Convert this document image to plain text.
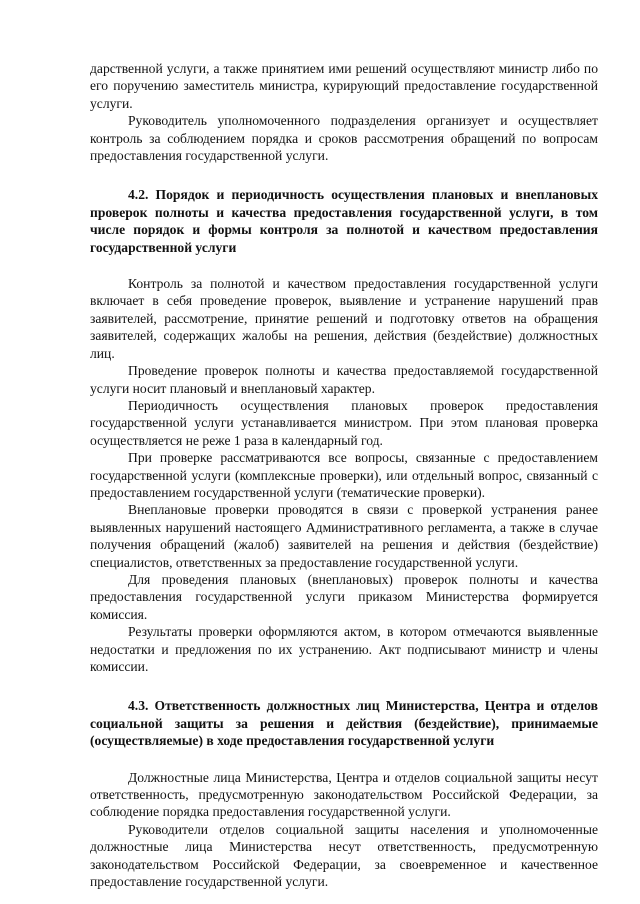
дарственной услуги, а также принятием ими решений осуществляют министр либо по его поручению заместитель министра, курирующий предоставление государственной услуги.

Руководитель уполномоченного подразделения организует и осуществляет контроль за соблюдением порядка и сроков рассмотрения обращений по вопросам предоставления государственной услуги.

4.2. Порядок и периодичность осуществления плановых и внеплановых проверок полноты и качества предоставления государственной услуги, в том числе порядок и формы контроля за полнотой и качеством предоставления государственной услуги

Контроль за полнотой и качеством предоставления государственной услуги включает в себя проведение проверок, выявление и устранение нарушений прав заявителей, рассмотрение, принятие решений и подготовку ответов на обращения заявителей, содержащих жалобы на решения, действия (бездействие) должностных лиц.

Проведение проверок полноты и качества предоставляемой государственной услуги носит плановый и внеплановый характер.

Периодичность осуществления плановых проверок предоставления государственной услуги устанавливается министром. При этом плановая проверка осуществляется не реже 1 раза в календарный год.

При проверке рассматриваются все вопросы, связанные с предоставлением государственной услуги (комплексные проверки), или отдельный вопрос, связанный с предоставлением государственной услуги (тематические проверки).

Внеплановые проверки проводятся в связи с проверкой устранения ранее выявленных нарушений настоящего Административного регламента, а также в случае получения обращений (жалоб) заявителей на решения и действия (бездействие) специалистов, ответственных за предоставление государственной услуги.

Для проведения плановых (внеплановых) проверок полноты и качества предоставления государственной услуги приказом Министерства формируется комиссия.

Результаты проверки оформляются актом, в котором отмечаются выявленные недостатки и предложения по их устранению. Акт подписывают министр и члены комиссии.

4.3. Ответственность должностных лиц Министерства, Центра и отделов социальной защиты за решения и действия (бездействие), принимаемые (осуществляемые) в ходе предоставления государственной услуги

Должностные лица Министерства, Центра и отделов социальной защиты несут ответственность, предусмотренную законодательством Российской Федерации, за соблюдение порядка предоставления государственной услуги.

Руководители отделов социальной защиты населения и уполномоченные должностные лица Министерства несут ответственность, предусмотренную законодательством Российской Федерации, за своевременное и качественное предоставление государственной услуги.
